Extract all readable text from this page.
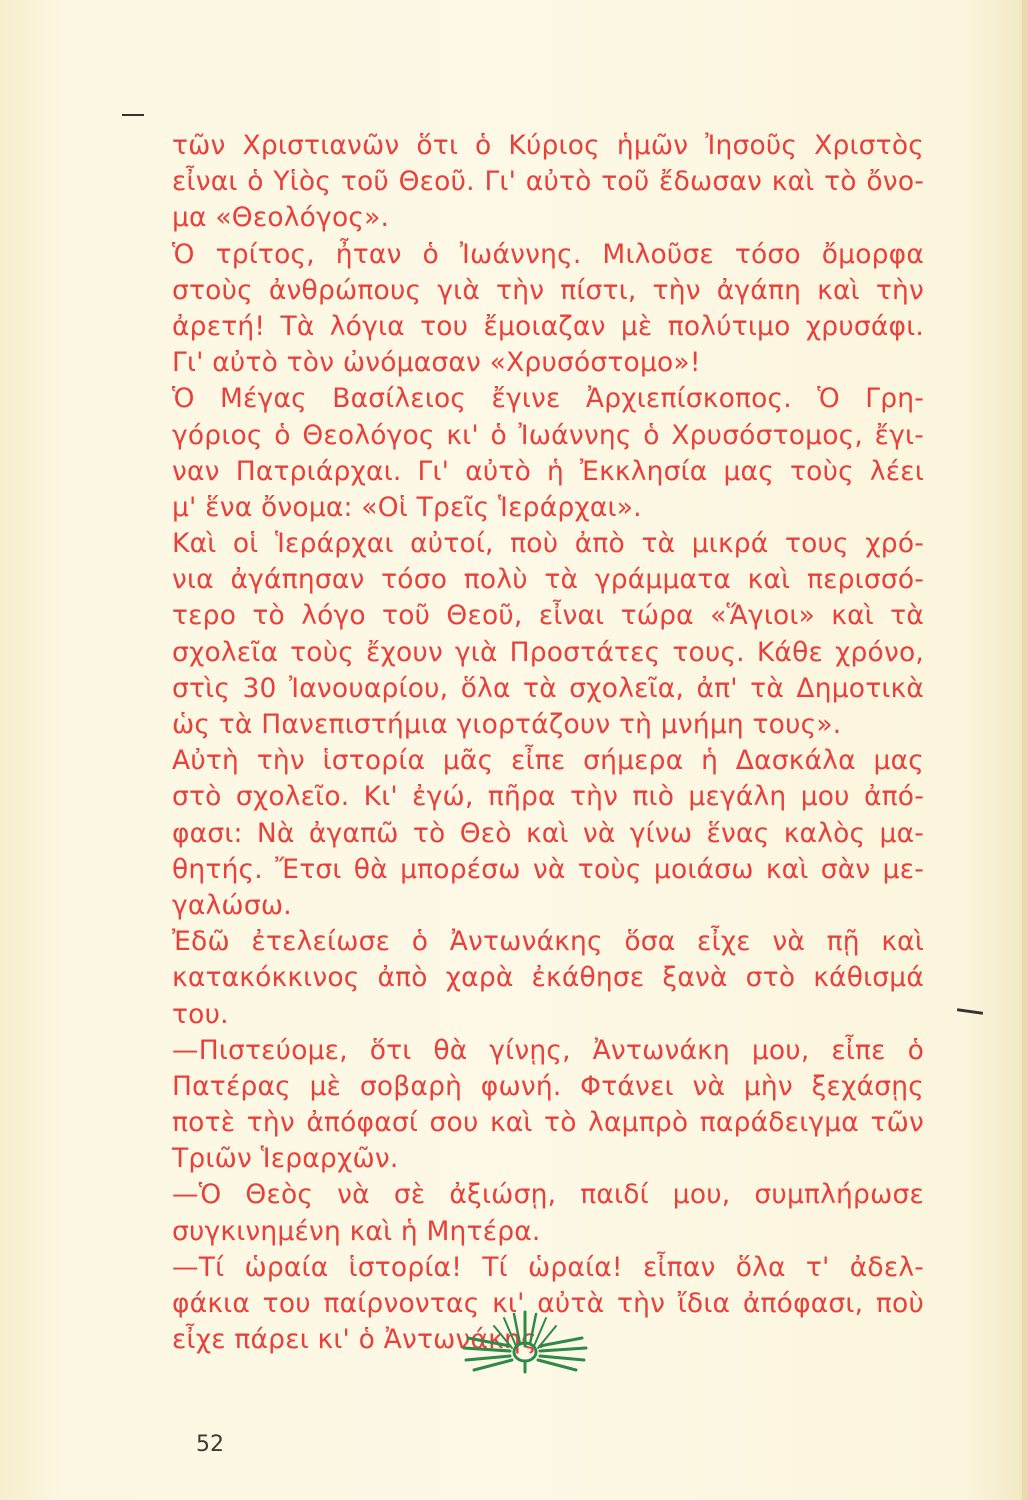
τῶν Χριστιανῶν ὅτι ὁ Κύριος ἡμῶν Ἰησοῦς Χριστὸς
εἶναι ὁ Υἱὸς τοῦ Θεοῦ. Γι' αὐτὸ τοῦ ἔδωσαν καὶ τὸ ὄνο-
μα «Θεολόγος».
Ὁ τρίτος, ἦταν ὁ Ἰωάννης. Μιλοῦσε τόσο ὄμορφα
στοὺς ἀνθρώπους γιὰ τὴν πίστι, τὴν ἀγάπη καὶ τὴν
ἀρετή! Τὰ λόγια του ἔμοιαζαν μὲ πολύτιμο χρυσάφι.
Γι' αὐτὸ τὸν ὠνόμασαν «Χρυσόστομο»!
Ὁ Μέγας Βασίλειος ἔγινε Ἀρχιεπίσκοπος. Ὁ Γρη-
γόριος ὁ Θεολόγος κι' ὁ Ἰωάννης ὁ Χρυσόστομος, ἔγι-
ναν Πατριάρχαι. Γι' αὐτὸ ἡ Ἐκκλησία μας τοὺς λέει
μ' ἕνα ὄνομα: «Οἱ Τρεῖς Ἱεράρχαι».
Καὶ οἱ Ἱεράρχαι αὐτοί, ποὺ ἀπὸ τὰ μικρά τους χρό-
νια ἀγάπησαν τόσο πολὺ τὰ γράμματα καὶ περισσό-
τερο τὸ λόγο τοῦ Θεοῦ, εἶναι τώρα «Ἅγιοι» καὶ τὰ
σχολεῖα τοὺς ἔχουν γιὰ Προστάτες τους. Κάθε χρόνο,
στὶς 30 Ἰανουαρίου, ὅλα τὰ σχολεῖα, ἀπ' τὰ Δημοτικὰ
ὡς τὰ Πανεπιστήμια γιορτάζουν τὴ μνήμη τους».
Αὐτὴ τὴν ἱστορία μᾶς εἶπε σήμερα ἡ Δασκάλα μας
στὸ σχολεῖο. Κι' ἐγώ, πῆρα τὴν πιὸ μεγάλη μου ἀπό-
φασι: Νὰ ἀγαπῶ τὸ Θεὸ καὶ νὰ γίνω ἕνας καλὸς μα-
θητής. Ἔτσι θὰ μπορέσω νὰ τοὺς μοιάσω καὶ σὰν με-
γαλώσω.
Ἐδῶ ἐτελείωσε ὁ Ἀντωνάκης ὅσα εἶχε νὰ πῇ καὶ
κατακόκκινος ἀπὸ χαρὰ ἐκάθησε ξανὰ στὸ κάθισμά
του.
—Πιστεύομε, ὅτι θὰ γίνῃς, Ἀντωνάκη μου, εἶπε ὁ
Πατέρας μὲ σοβαρὴ φωνή. Φτάνει νὰ μὴν ξεχάσῃς
ποτὲ τὴν ἀπόφασί σου καὶ τὸ λαμπρὸ παράδειγμα τῶν
Τριῶν Ἱεραρχῶν.
—Ὁ Θεὸς νὰ σὲ ἀξιώσῃ, παιδί μου, συμπλήρωσε
συγκινημένη καὶ ἡ Μητέρα.
—Τί ὡραία ἱστορία! Τί ὡραία! εἶπαν ὅλα τ' ἀδελ-
φάκια του παίρνοντας κι' αὐτὰ τὴν ἴδια ἀπόφασι, ποὺ
εἶχε πάρει κι' ὁ Ἀντωνάκης.
52
